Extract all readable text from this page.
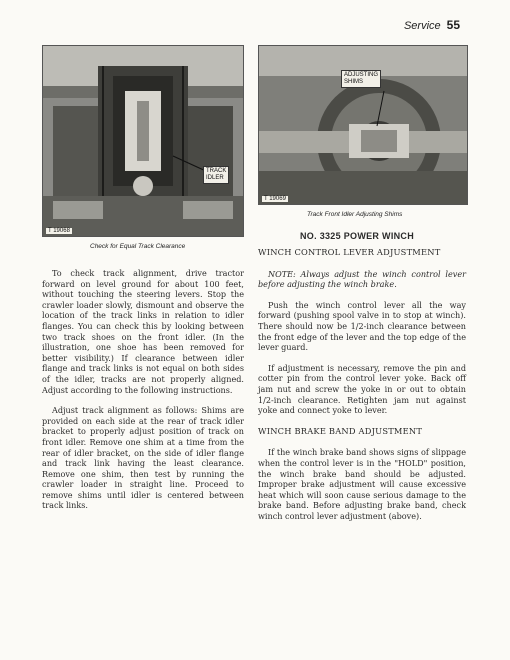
Service 55
TRACK
IDLER
T 19068
Check for Equal Track Clearance
ADJUSTING
SHIMS
T 19069
Track Front Idler Adjusting Shims

To check track alignment, drive tractor forward on level ground for about 100 feet, without touching the steering levers. Stop the crawler loader slowly, dismount and observe the location of the track links in relation to idler flanges. You can check this by looking between two track shoes on the front idler. (In the illustration, one shoe has been removed for better visibility.) If clearance between idler flange and track links is not equal on both sides of the idler, tracks are not properly aligned. Adjust according to the following instructions.

Adjust track alignment as follows: Shims are provided on each side at the rear of track idler bracket to properly adjust position of track on front idler. Remove one shim at a time from the rear of idler bracket, on the side of idler flange and track link having the least clearance. Remove one shim, then test by running the crawler loader in straight line. Proceed to remove shims until idler is centered between track links.

NO. 3325 POWER WINCH
WINCH CONTROL LEVER ADJUSTMENT

NOTE: Always adjust the winch control lever before adjusting the winch brake.

Push the winch control lever all the way forward (pushing spool valve in to stop at winch). There should now be 1/2-inch clearance between the front edge of the lever and the top edge of the lever guard.

If adjustment is necessary, remove the pin and cotter pin from the control lever yoke. Back off jam nut and screw the yoke in or out to obtain 1/2-inch clearance. Retighten jam nut against yoke and connect yoke to lever.

WINCH BRAKE BAND ADJUSTMENT

If the winch brake band shows signs of slippage when the control lever is in the "HOLD" position, the winch brake band should be adjusted. Improper brake adjustment will cause excessive heat which will soon cause serious damage to the brake band. Before adjusting brake band, check winch control lever adjustment (above).
